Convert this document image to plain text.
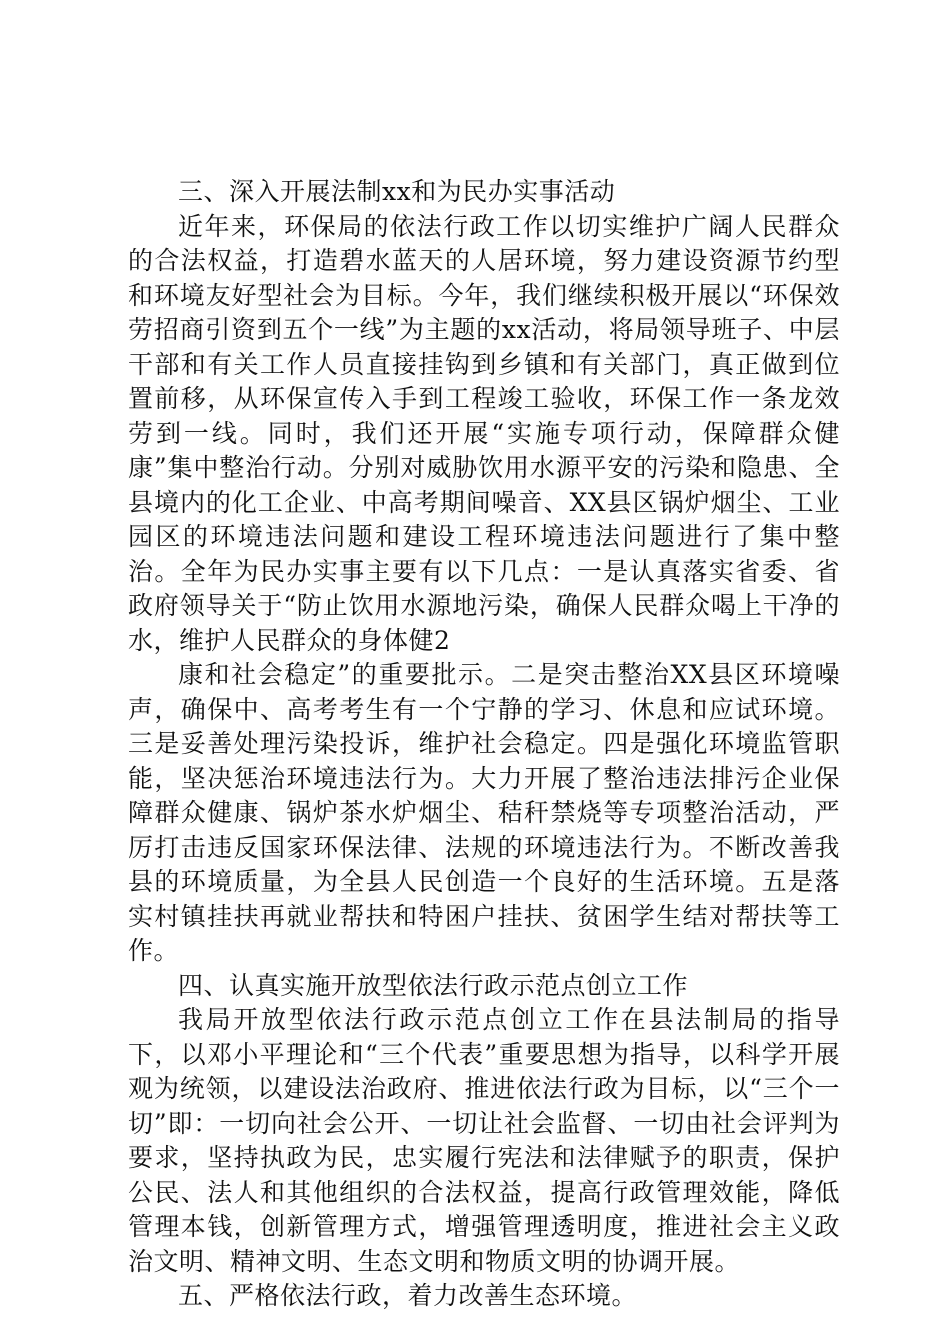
三、深入开展法制xx和为民办实事活动

近年来，环保局的依法行政工作以切实维护广阔人民群众的合法权益，打造碧水蓝天的人居环境，努力建设资源节约型和环境友好型社会为目标。今年，我们继续积极开展以“环保效劳招商引资到五个一线”为主题的xx活动，将局领导班子、中层干部和有关工作人员直接挂钩到乡镇和有关部门，真正做到位置前移，从环保宣传入手到工程竣工验收，环保工作一条龙效劳到一线。同时，我们还开展“实施专项行动，保障群众健康”集中整治行动。分别对威胁饮用水源平安的污染和隐患、全县境内的化工企业、中高考期间噪音、XX县区锅炉烟尘、工业园区的环境违法问题和建设工程环境违法问题进行了集中整治。全年为民办实事主要有以下几点：一是认真落实省委、省政府领导关于“防止饮用水源地污染，确保人民群众喝上干净的水，维护人民群众的身体健2

康和社会稳定”的重要批示。二是突击整治XX县区环境噪声，确保中、高考考生有一个宁静的学习、休息和应试环境。三是妥善处理污染投诉，维护社会稳定。四是强化环境监管职能，坚决惩治环境违法行为。大力开展了整治违法排污企业保障群众健康、锅炉茶水炉烟尘、秸秆禁烧等专项整治活动，严厉打击违反国家环保法律、法规的环境违法行为。不断改善我县的环境质量，为全县人民创造一个良好的生活环境。五是落实村镇挂扶再就业帮扶和特困户挂扶、贫困学生结对帮扶等工作。

四、认真实施开放型依法行政示范点创立工作

我局开放型依法行政示范点创立工作在县法制局的指导下，以邓小平理论和“三个代表”重要思想为指导，以科学开展观为统领，以建设法治政府、推进依法行政为目标，以“三个一切”即：一切向社会公开、一切让社会监督、一切由社会评判为要求，坚持执政为民，忠实履行宪法和法律赋予的职责，保护公民、法人和其他组织的合法权益，提高行政管理效能，降低管理本钱，创新管理方式，增强管理透明度，推进社会主义政治文明、精神文明、生态文明和物质文明的协调开展。

五、严格依法行政，着力改善生态环境。
